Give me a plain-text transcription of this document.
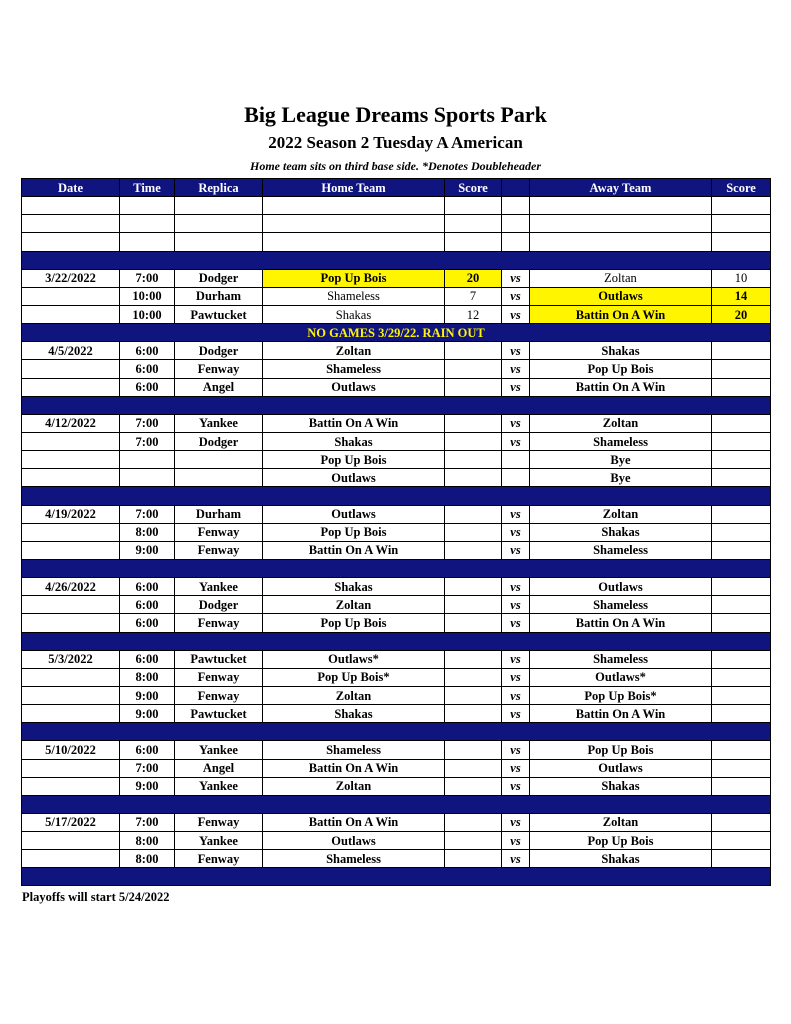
Big League Dreams Sports Park
2022 Season 2 Tuesday A American
Home team sits on third base side. *Denotes Doubleheader
Date	Time	Replica	Home Team	Score		Away Team	Score

3/22/2022	7:00	Dodger	Pop Up Bois	20	vs	Zoltan	10
	10:00	Durham	Shameless	7	vs	Outlaws	14
	10:00	Pawtucket	Shakas	12	vs	Battin On A Win	20
NO GAMES 3/29/22. RAIN OUT							
4/5/2022	6:00	Dodger	Zoltan		vs	Shakas	
	6:00	Fenway	Shameless		vs	Pop Up Bois	
	6:00	Angel	Outlaws		vs	Battin On A Win	

4/12/2022	7:00	Yankee	Battin On A Win		vs	Zoltan	
	7:00	Dodger	Shakas		vs	Shameless	
			Pop Up Bois			Bye	
			Outlaws			Bye	

4/19/2022	7:00	Durham	Outlaws		vs	Zoltan	
	8:00	Fenway	Pop Up Bois		vs	Shakas	
	9:00	Fenway	Battin On A Win		vs	Shameless	

4/26/2022	6:00	Yankee	Shakas		vs	Outlaws	
	6:00	Dodger	Zoltan		vs	Shameless	
	6:00	Fenway	Pop Up Bois		vs	Battin On A Win	

5/3/2022	6:00	Pawtucket	Outlaws*		vs	Shameless	
	8:00	Fenway	Pop Up Bois*		vs	Outlaws*	
	9:00	Fenway	Zoltan		vs	Pop Up Bois*	
	9:00	Pawtucket	Shakas		vs	Battin On A Win	

5/10/2022	6:00	Yankee	Shameless		vs	Pop Up Bois	
	7:00	Angel	Battin On A Win		vs	Outlaws	
	9:00	Yankee	Zoltan		vs	Shakas	

5/17/2022	7:00	Fenway	Battin On A Win		vs	Zoltan	
	8:00	Yankee	Outlaws		vs	Pop Up Bois	
	8:00	Fenway	Shameless		vs	Shakas	

Playoffs will start 5/24/2022
